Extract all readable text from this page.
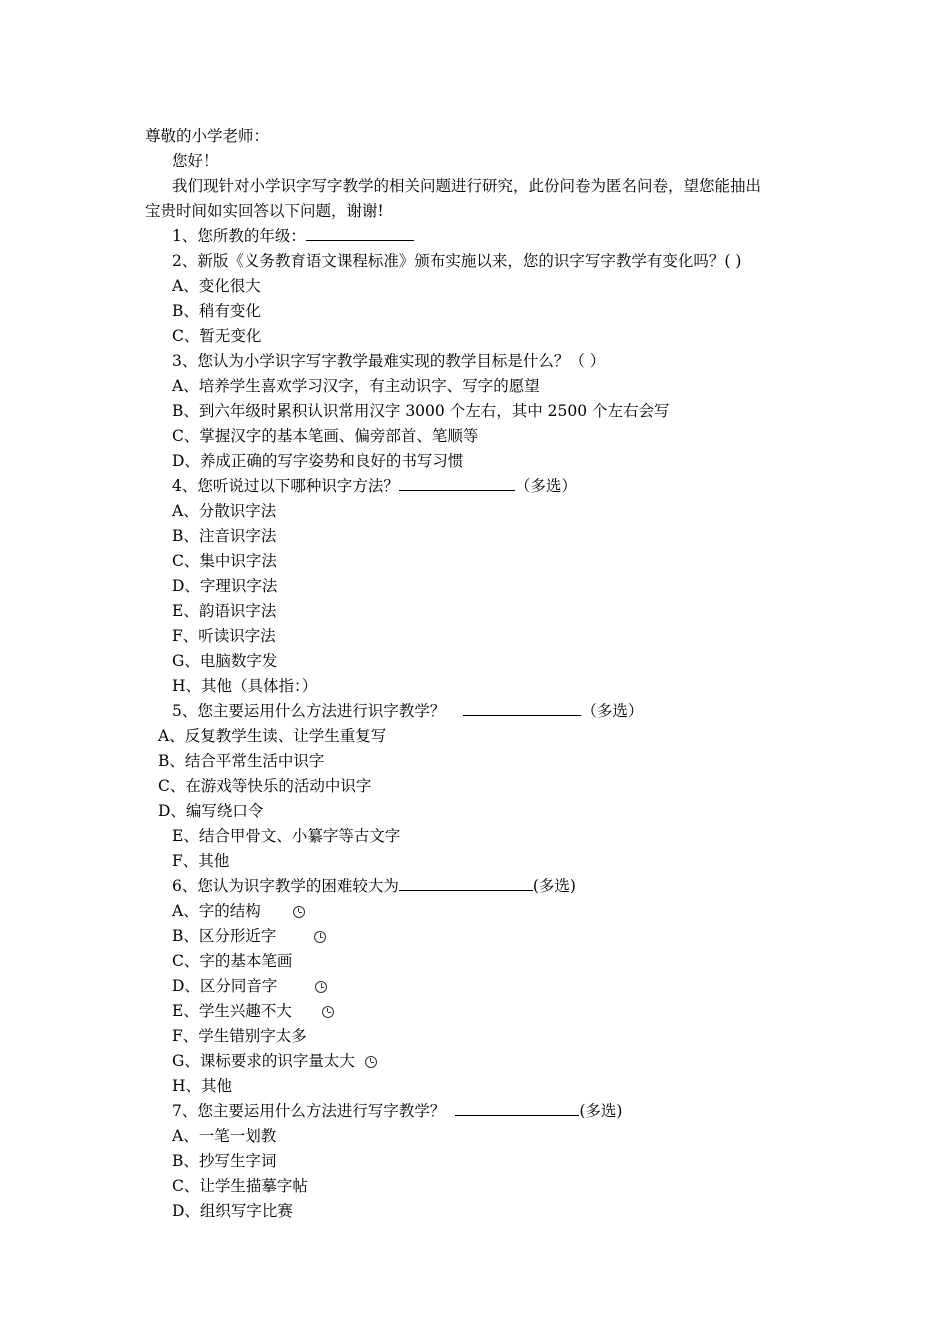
尊敬的小学老师：
您好！
我们现针对小学识字写字教学的相关问题进行研究，此份问卷为匿名问卷，望您能抽出
宝贵时间如实回答以下问题，谢谢!
1、您所教的年级：
2、新版《义务教育语文课程标准》颁布实施以来，您的识字写字教学有变化吗？( )
A、变化很大
B、稍有变化
C、暂无变化
3、您认为小学识字写字教学最难实现的教学目标是什么？（ ）
A、培养学生喜欢学习汉字，有主动识字、写字的愿望
B、到六年级时累积认识常用汉字 3000 个左右，其中 2500 个左右会写
C、掌握汉字的基本笔画、偏旁部首、笔顺等
D、养成正确的写字姿势和良好的书写习惯
4、您听说过以下哪种识字方法？	（多选）
A、分散识字法
B、注音识字法
C、集中识字法
D、字理识字法
E、韵语识字法
F、听读识字法
G、电脑数字发
H、其他（具体指：）
5、您主要运用什么方法进行识字教学？	（多选）
A、反复教学生读、让学生重复写
B、结合平常生活中识字
C、在游戏等快乐的活动中识字
D、编写绕口令
E、结合甲骨文、小纂字等古文字
F、其他
6、您认为识字教学的困难较大为	(多选)
A、字的结构
B、区分形近字
C、字的基本笔画
D、区分同音字
E、学生兴趣不大
F、学生错别字太多
G、课标要求的识字量太大
H、其他
7、您主要运用什么方法进行写字教学？	(多选)
A、一笔一划教
B、抄写生字词
C、让学生描摹字帖
D、组织写字比赛
